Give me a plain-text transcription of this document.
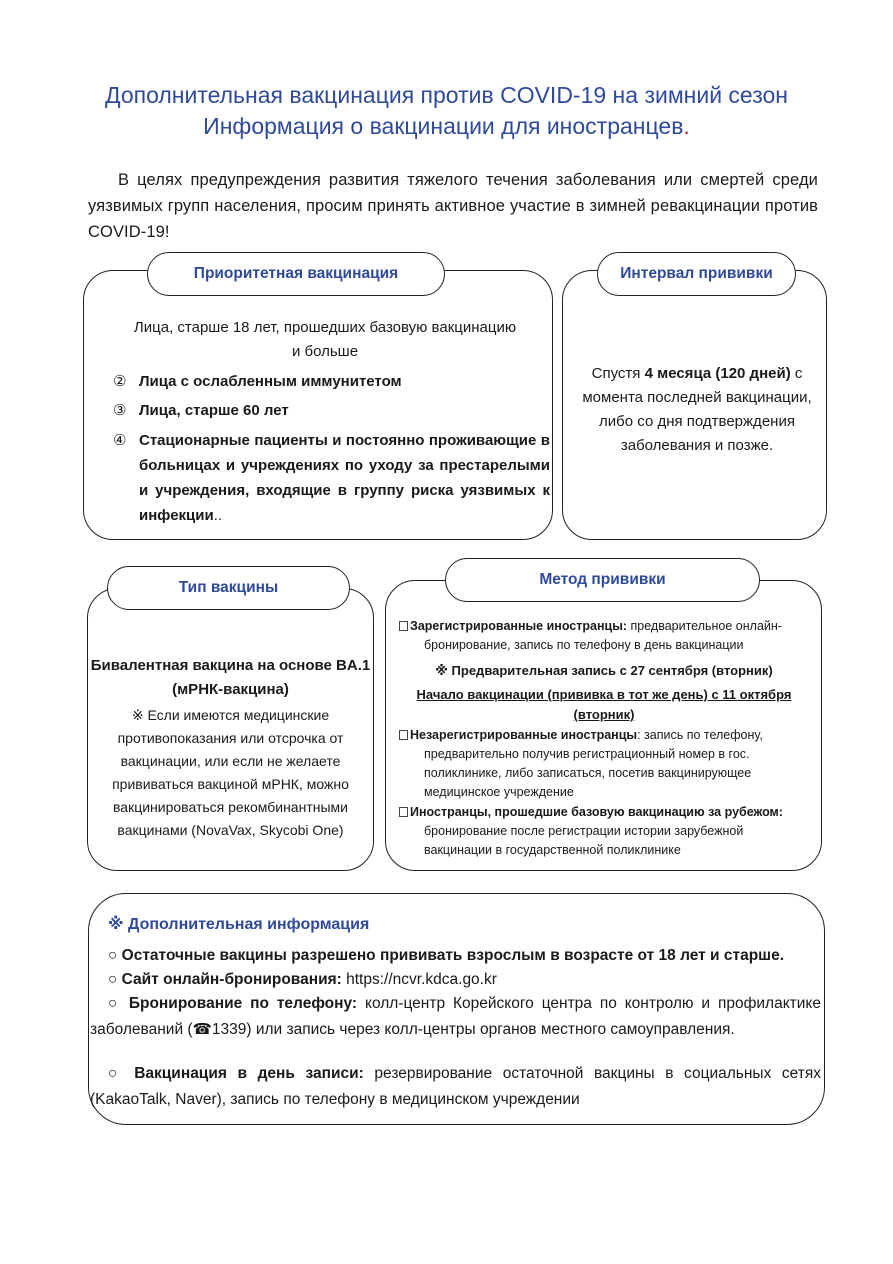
Дополнительная вакцинация против COVID-19 на зимний сезон
Информация о вакцинации для иностранцев.
В целях предупреждения развития тяжелого течения заболевания или смертей среди уязвимых групп населения, просим принять активное участие в зимней ревакцинации против COVID-19!
Приоритетная вакцинация
Лица, старше 18 лет, прошедших базовую вакцинацию
и больше
② Лица с ослабленным иммунитетом
③ Лица, старше 60 лет
④ Стационарные пациенты и постоянно проживающие в больницах и учреждениях по уходу за престарелыми и учреждения, входящие в группу риска уязвимых к инфекции..
Интервал прививки
Спустя 4 месяца (120 дней) с момента последней вакцинации, либо со дня подтверждения заболевания и позже.
Тип вакцины
Бивалентная вакцина на основе BA.1
(мРНК-вакцина)
※ Если имеются медицинские противопоказания или отсрочка от вакцинации, или если не желаете прививаться вакциной мРНК, можно вакцинироваться рекомбинантными вакцинами (NovaVax, Skycobi One)
Метод прививки
Зарегистрированные иностранцы: предварительное онлайн-
бронирование, запись по телефону в день вакцинации
※ Предварительная запись с 27 сентября (вторник)
Начало вакцинации (прививка в тот же день) с 11 октября
(вторник)
Незарегистрированные иностранцы: запись по телефону,
предварительно получив регистрационный номер в гос.
поликлинике, либо записаться, посетив вакцинирующее
медицинское учреждение
Иностранцы, прошедшие базовую вакцинацию за рубежом:
бронирование после регистрации истории зарубежной
вакцинации в государственной поликлинике
※ Дополнительная информация
○ Остаточные вакцины разрешено прививать взрослым в возрасте от 18 лет и старше.
○ Сайт онлайн-бронирования: https://ncvr.kdca.go.kr
○ Бронирование по телефону: колл-центр Корейского центра по контролю и профилактике заболеваний (☎1339) или запись через колл-центры органов местного самоуправления.
○ Вакцинация в день записи: резервирование остаточной вакцины в социальных сетях (KakaoTalk, Naver), запись по телефону в медицинском учреждении
